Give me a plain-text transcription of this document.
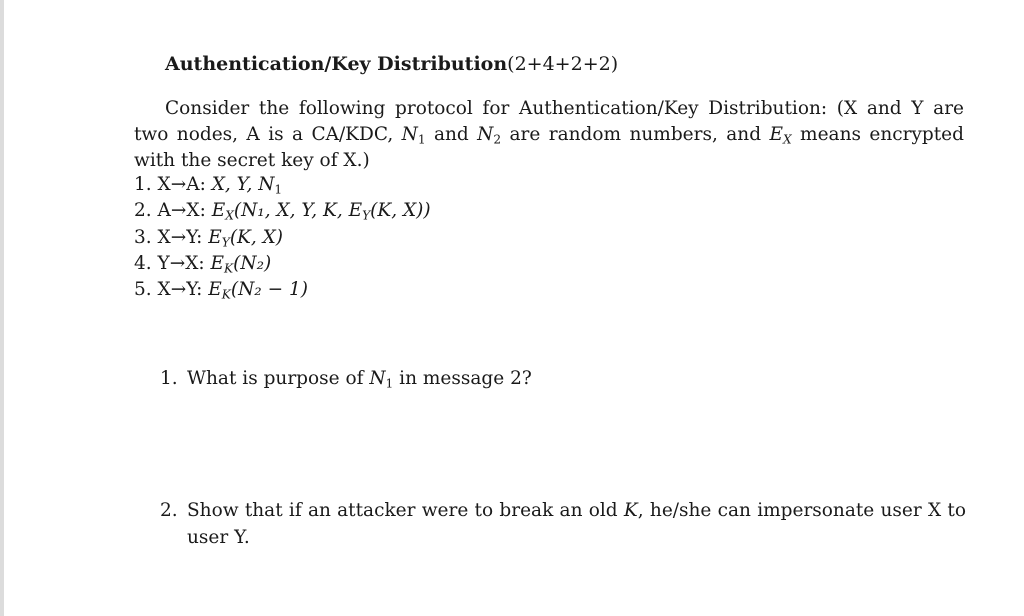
Authentication/Key Distribution(2+4+2+2)

Consider the following protocol for Authentication/Key Distribution: (X and Y are two nodes, A is a CA/KDC, $N_1$ and $N_2$ are random numbers, and $E_X$ means encrypted with the secret key of X.)

1. X→A: X, Y, $N_1$
2. A→X: $E_X(N_1$, X, Y, K, $E_Y(K$, X))
3. X→Y: $E_Y(K$, X)
4. Y→X: $E_K(N_2)$
5. X→Y: $E_K(N_2 - 1)$
1. What is purpose of $N_1$ in message 2?
2. Show that if an attacker were to break an old K, he/she can impersonate user X to user Y.
